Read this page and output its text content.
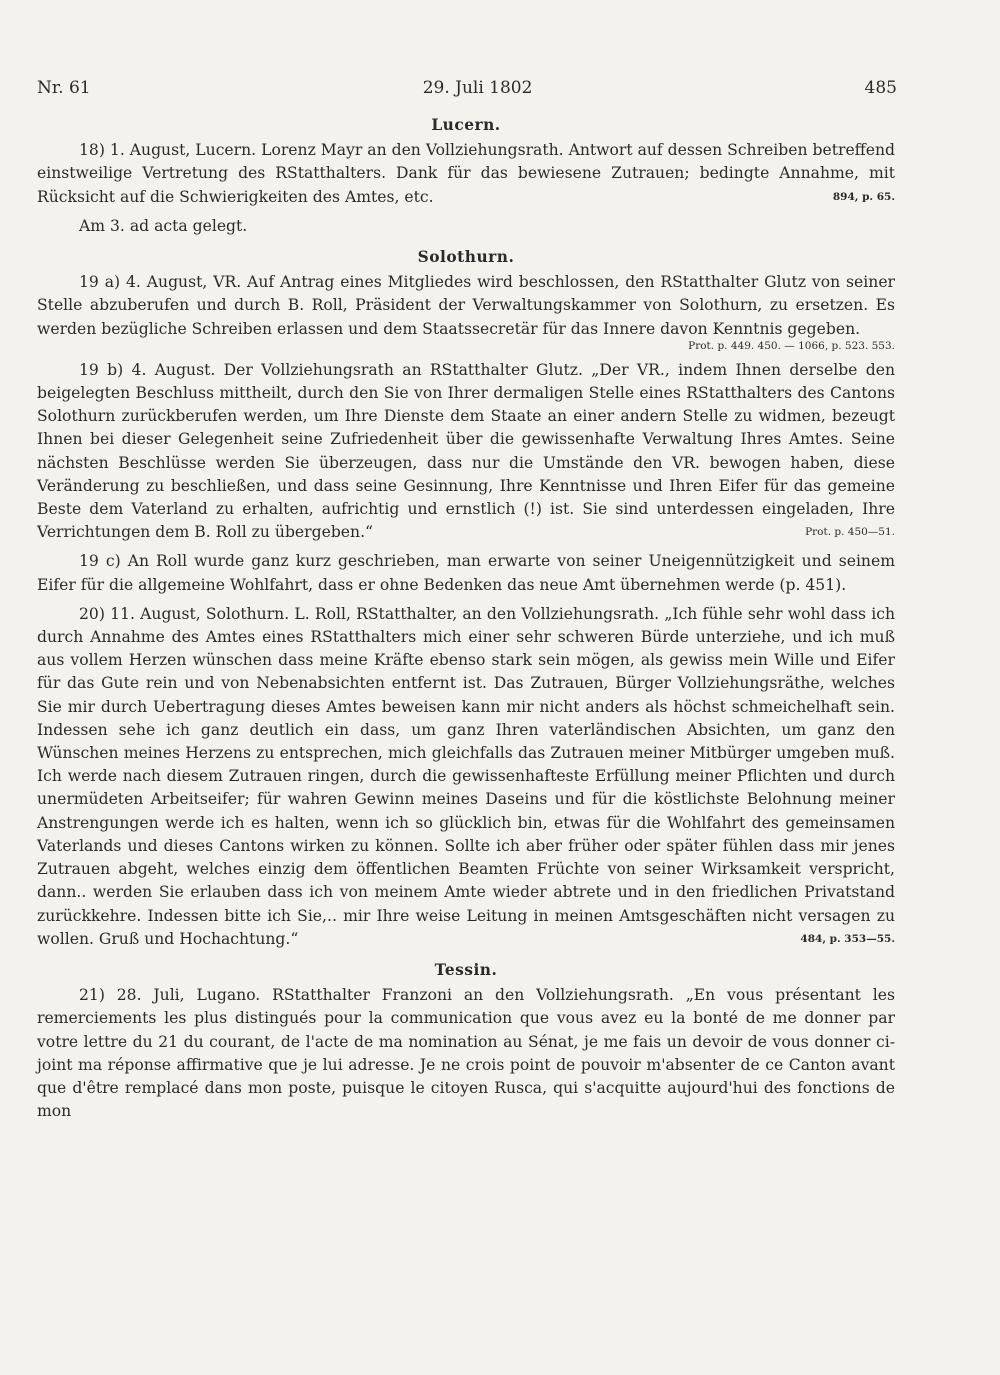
Nr. 61	29. Juli 1802	485
Lucern.

18) 1. August, Lucern. Lorenz Mayr an den Vollziehungsrath. Antwort auf dessen Schreiben betreffend einstweilige Vertretung des RStatthalters. Dank für das bewiesene Zutrauen; bedingte Annahme, mit Rücksicht auf die Schwierigkeiten des Amtes, etc.	894, p. 65.

Am 3. ad acta gelegt.

Solothurn.

19 a) 4. August, VR. Auf Antrag eines Mitgliedes wird beschlossen, den RStatthalter Glutz von seiner Stelle abzuberufen und durch B. Roll, Präsident der Verwaltungskammer von Solothurn, zu ersetzen. Es werden bezügliche Schreiben erlassen und dem Staatssecretär für das Innere davon Kenntnis gegeben.
Prot. p. 449. 450. — 1066, p. 523. 553.

19 b) 4. August. Der Vollziehungsrath an RStatthalter Glutz. „Der VR., indem Ihnen derselbe den beigelegten Beschluss mittheilt, durch den Sie von Ihrer dermaligen Stelle eines RStatthalters des Cantons Solothurn zurückberufen werden, um Ihre Dienste dem Staate an einer andern Stelle zu widmen, bezeugt Ihnen bei dieser Gelegenheit seine Zufriedenheit über die gewissenhafte Verwaltung Ihres Amtes. Seine nächsten Beschlüsse werden Sie überzeugen, dass nur die Umstände den VR. bewogen haben, diese Veränderung zu beschließen, und dass seine Gesinnung, Ihre Kenntnisse und Ihren Eifer für das gemeine Beste dem Vaterland zu erhalten, aufrichtig und ernstlich (!) ist. Sie sind unterdessen eingeladen, Ihre Verrichtungen dem B. Roll zu übergeben.“	Prot. p. 450—51.

19 c) An Roll wurde ganz kurz geschrieben, man erwarte von seiner Uneigennützigkeit und seinem Eifer für die allgemeine Wohlfahrt, dass er ohne Bedenken das neue Amt übernehmen werde (p. 451).

20) 11. August, Solothurn. L. Roll, RStatthalter, an den Vollziehungsrath. „Ich fühle sehr wohl dass ich durch Annahme des Amtes eines RStatthalters mich einer sehr schweren Bürde unterziehe, und ich muß aus vollem Herzen wünschen dass meine Kräfte ebenso stark sein mögen, als gewiss mein Wille und Eifer für das Gute rein und von Nebenabsichten entfernt ist. Das Zutrauen, Bürger Vollziehungsräthe, welches Sie mir durch Uebertragung dieses Amtes beweisen kann mir nicht anders als höchst schmeichelhaft sein. Indessen sehe ich ganz deutlich ein dass, um ganz Ihren vaterländischen Absichten, um ganz den Wünschen meines Herzens zu entsprechen, mich gleichfalls das Zutrauen meiner Mitbürger umgeben muß. Ich werde nach diesem Zutrauen ringen, durch die gewissenhafteste Erfüllung meiner Pflichten und durch unermüdeten Arbeitseifer; für wahren Gewinn meines Daseins und für die köstlichste Belohnung meiner Anstrengungen werde ich es halten, wenn ich so glücklich bin, etwas für die Wohlfahrt des gemeinsamen Vaterlands und dieses Cantons wirken zu können. Sollte ich aber früher oder später fühlen dass mir jenes Zutrauen abgeht, welches einzig dem öffentlichen Beamten Früchte von seiner Wirksamkeit verspricht, dann.. werden Sie erlauben dass ich von meinem Amte wieder abtrete und in den friedlichen Privatstand zurückkehre. Indessen bitte ich Sie,.. mir Ihre weise Leitung in meinen Amtsgeschäften nicht versagen zu wollen. Gruß und Hochachtung.“	484, p. 353—55.

Tessin.

21) 28. Juli, Lugano. RStatthalter Franzoni an den Vollziehungsrath. „En vous présentant les remerciements les plus distingués pour la communication que vous avez eu la bonté de me donner par votre lettre du 21 du courant, de l'acte de ma nomination au Sénat, je me fais un devoir de vous donner ci-joint ma réponse affirmative que je lui adresse. Je ne crois point de pouvoir m'absenter de ce Canton avant que d'être remplacé dans mon poste, puisque le citoyen Rusca, qui s'acquitte aujourd'hui des fonctions de mon
